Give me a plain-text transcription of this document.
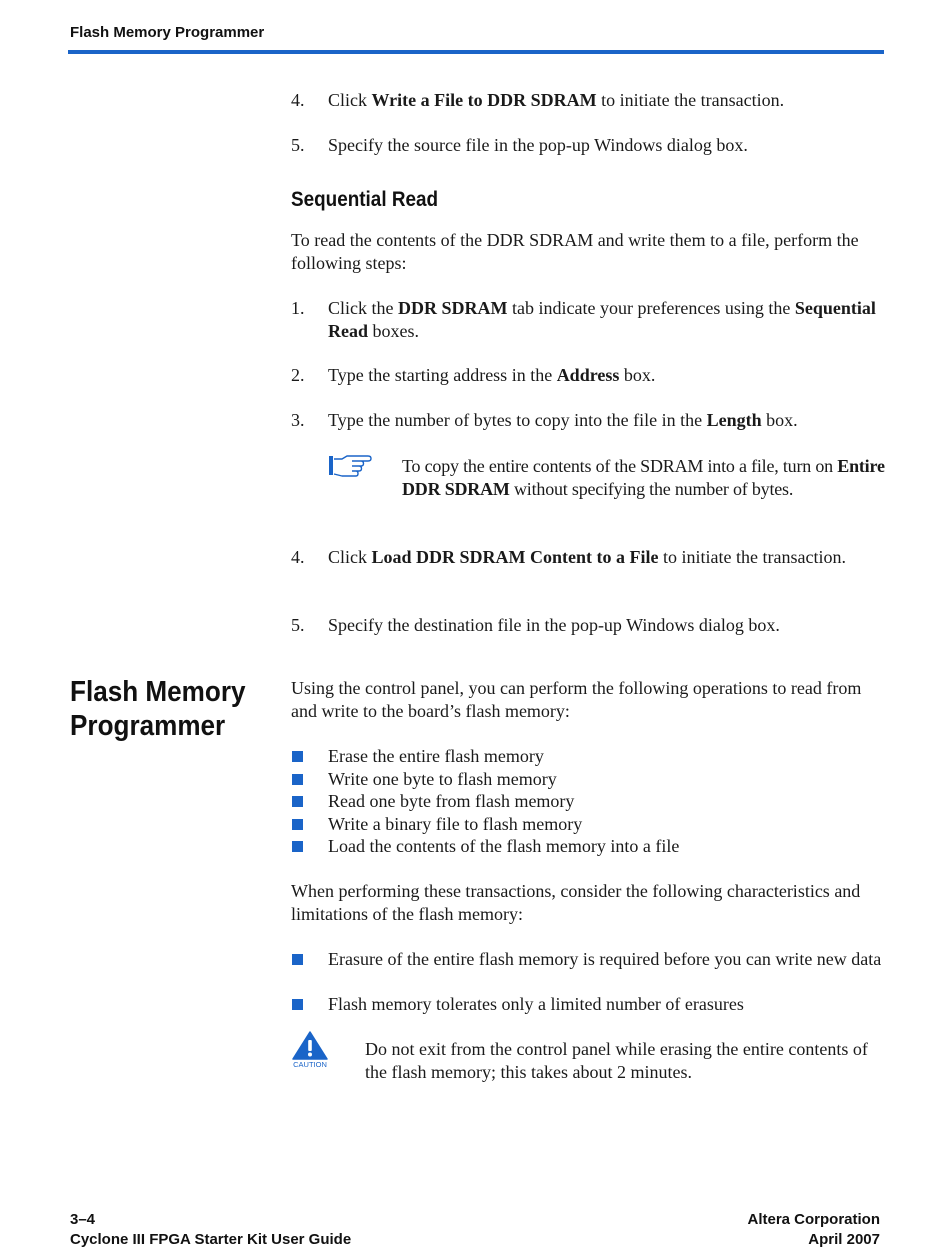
Flash Memory Programmer
4. Click Write a File to DDR SDRAM to initiate the transaction.
5. Specify the source file in the pop-up Windows dialog box.
Sequential Read
To read the contents of the DDR SDRAM and write them to a file, perform the following steps:
1. Click the DDR SDRAM tab indicate your preferences using the Sequential Read boxes.
2. Type the starting address in the Address box.
3. Type the number of bytes to copy into the file in the Length box.
To copy the entire contents of the SDRAM into a file, turn on Entire DDR SDRAM without specifying the number of bytes.
4. Click Load DDR SDRAM Content to a File to initiate the transaction.
5. Specify the destination file in the pop-up Windows dialog box.
Flash Memory
Programmer
Using the control panel, you can perform the following operations to read from and write to the board’s flash memory:
Erase the entire flash memory
Write one byte to flash memory
Read one byte from flash memory
Write a binary file to flash memory
Load the contents of the flash memory into a file
When performing these transactions, consider the following characteristics and limitations of the flash memory:
Erasure of the entire flash memory is required before you can write new data
Flash memory tolerates only a limited number of erasures
CAUTION
Do not exit from the control panel while erasing the entire contents of the flash memory; this takes about 2 minutes.
3–4
Cyclone III FPGA Starter Kit User Guide
Altera Corporation
April 2007
